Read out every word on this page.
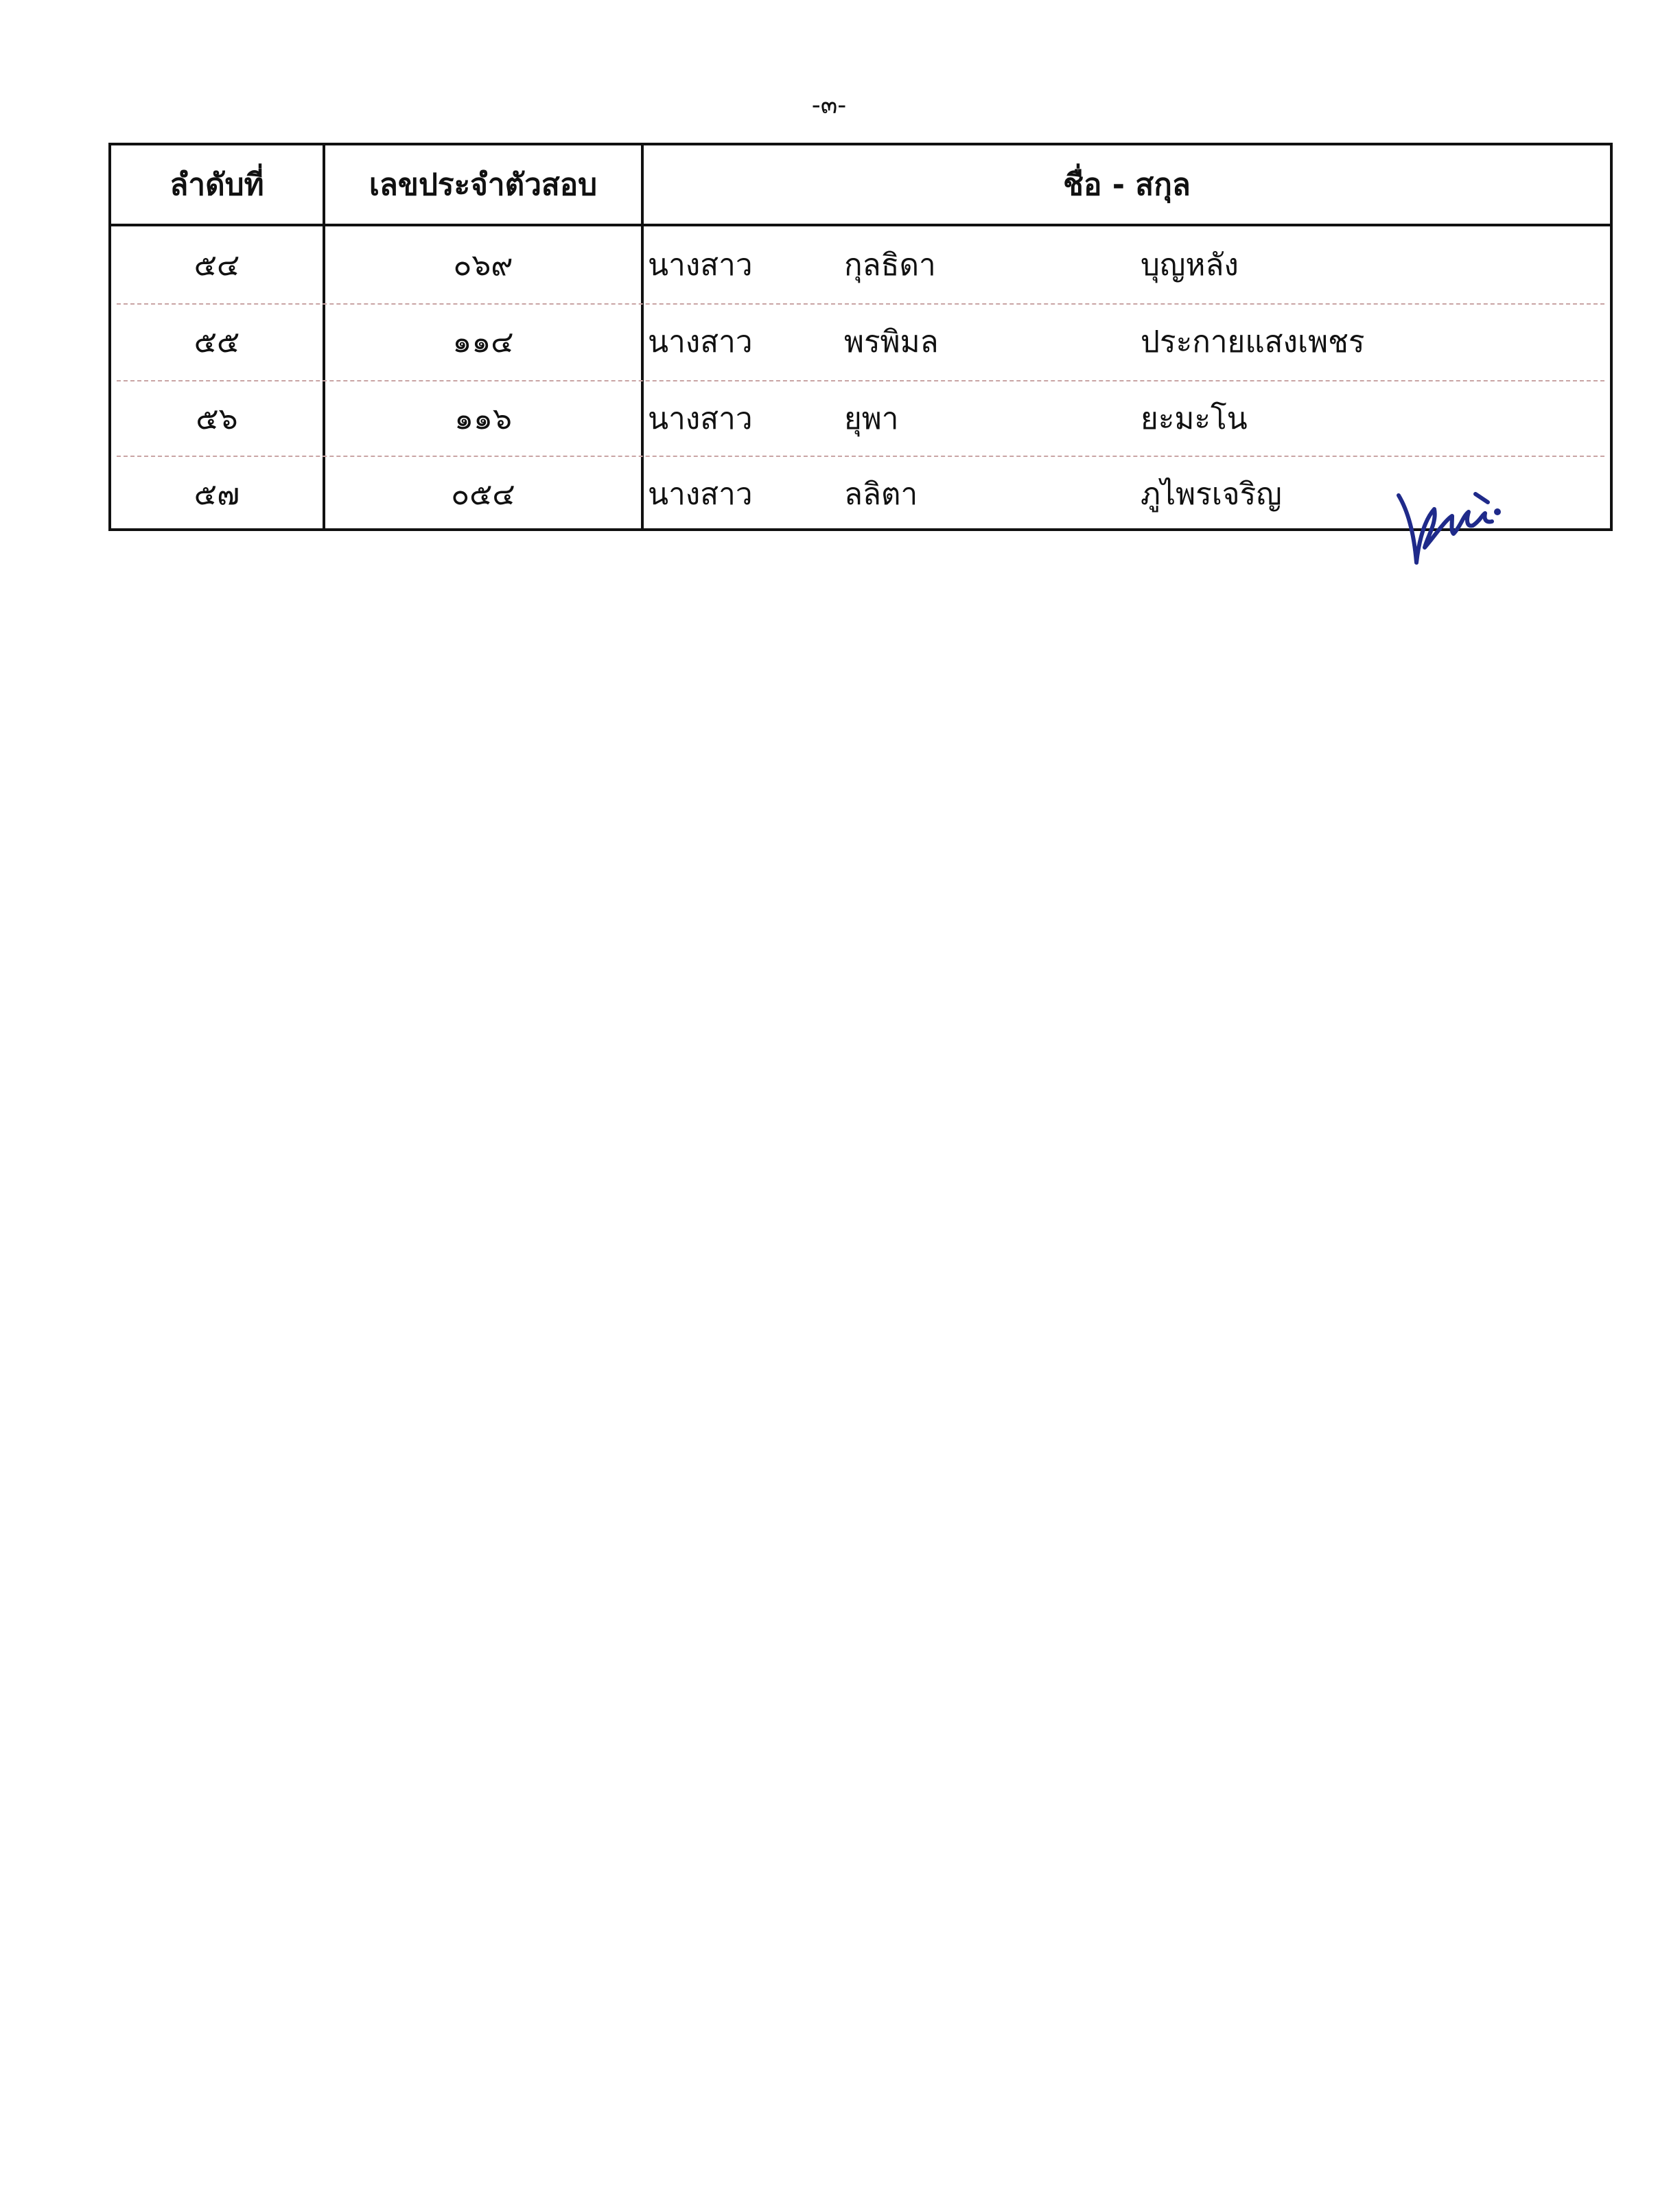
-๓-
ลำดับที่	เลขประจำตัวสอบ	ชื่อ - สกุล
๕๔	๐๖๙	นางสาว	กุลธิดา	บุญหลัง
๕๕	๑๑๔	นางสาว	พรพิมล	ประกายแสงเพชร
๕๖	๑๑๖	นางสาว	ยุพา	ยะมะโน
๕๗	๐๕๔	นางสาว	ลลิตา	ภูไพรเจริญ
